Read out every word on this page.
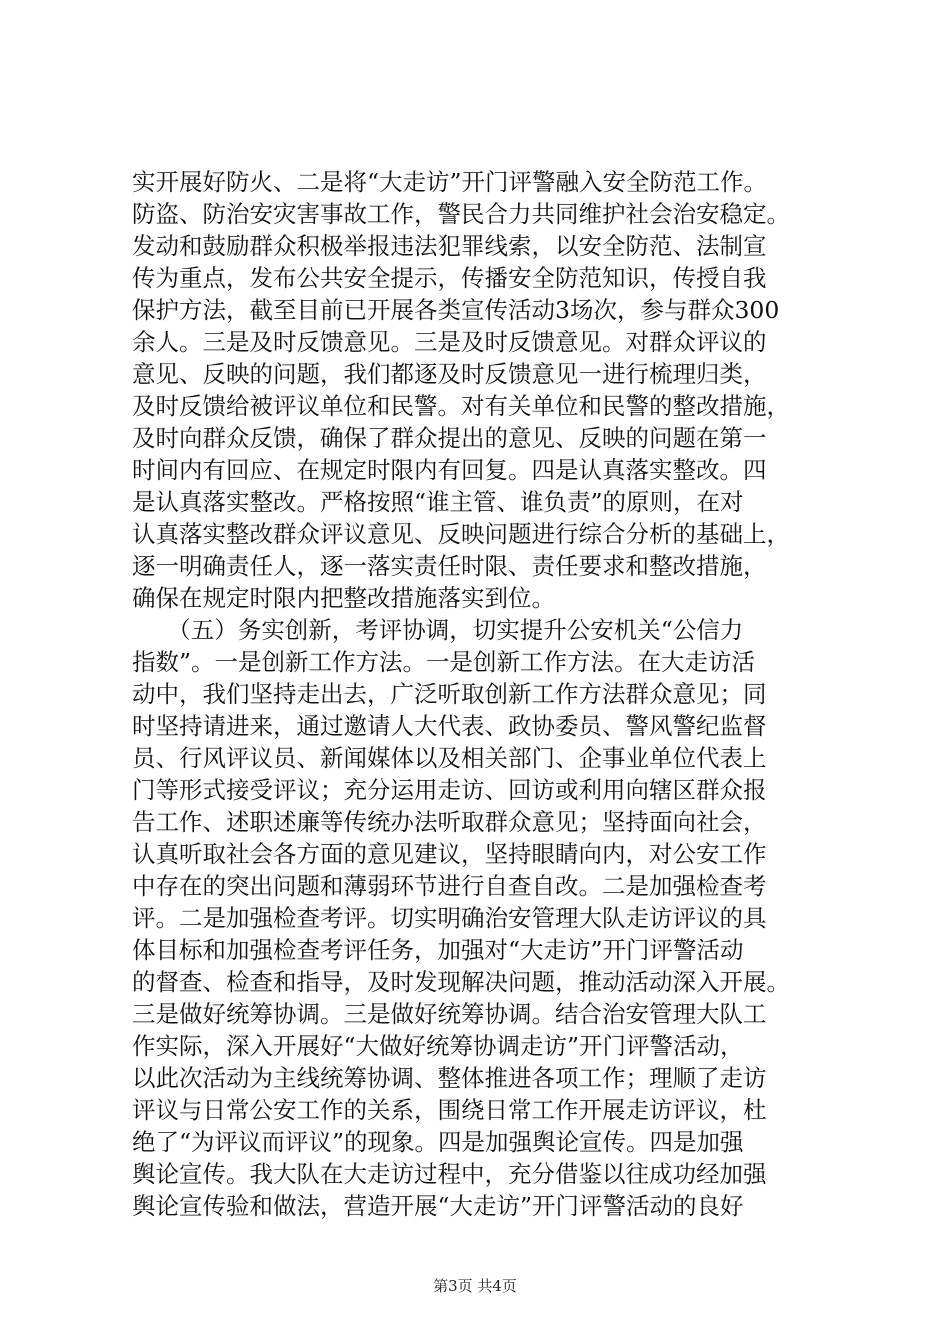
实开展好防火、二是将“大走访”开门评警融入安全防范工作。
防盗、防治安灾害事故工作，警民合力共同维护社会治安稳定。
发动和鼓励群众积极举报违法犯罪线索，以安全防范、法制宣
传为重点，发布公共安全提示，传播安全防范知识，传授自我
保护方法，截至目前已开展各类宣传活动3场次，参与群众300
余人。三是及时反馈意见。三是及时反馈意见。对群众评议的
意见、反映的问题，我们都逐及时反馈意见一进行梳理归类，
及时反馈给被评议单位和民警。对有关单位和民警的整改措施，
及时向群众反馈，确保了群众提出的意见、反映的问题在第一
时间内有回应、在规定时限内有回复。四是认真落实整改。四
是认真落实整改。严格按照“谁主管、谁负责”的原则，在对
认真落实整改群众评议意见、反映问题进行综合分析的基础上，
逐一明确责任人，逐一落实责任时限、责任要求和整改措施，
确保在规定时限内把整改措施落实到位。
　　（五）务实创新，考评协调，切实提升公安机关“公信力
指数”。一是创新工作方法。一是创新工作方法。在大走访活
动中，我们坚持走出去，广泛听取创新工作方法群众意见；同
时坚持请进来，通过邀请人大代表、政协委员、警风警纪监督
员、行风评议员、新闻媒体以及相关部门、企事业单位代表上
门等形式接受评议；充分运用走访、回访或利用向辖区群众报
告工作、述职述廉等传统办法听取群众意见；坚持面向社会，
认真听取社会各方面的意见建议，坚持眼睛向内，对公安工作
中存在的突出问题和薄弱环节进行自查自改。二是加强检查考
评。二是加强检查考评。切实明确治安管理大队走访评议的具
体目标和加强检查考评任务，加强对“大走访”开门评警活动
的督查、检查和指导，及时发现解决问题，推动活动深入开展。
三是做好统筹协调。三是做好统筹协调。结合治安管理大队工
作实际，深入开展好“大做好统筹协调走访”开门评警活动，
以此次活动为主线统筹协调、整体推进各项工作；理顺了走访
评议与日常公安工作的关系，围绕日常工作开展走访评议，杜
绝了“为评议而评议”的现象。四是加强舆论宣传。四是加强
舆论宣传。我大队在大走访过程中，充分借鉴以往成功经加强
舆论宣传验和做法，营造开展“大走访”开门评警活动的良好
第3页 共4页
